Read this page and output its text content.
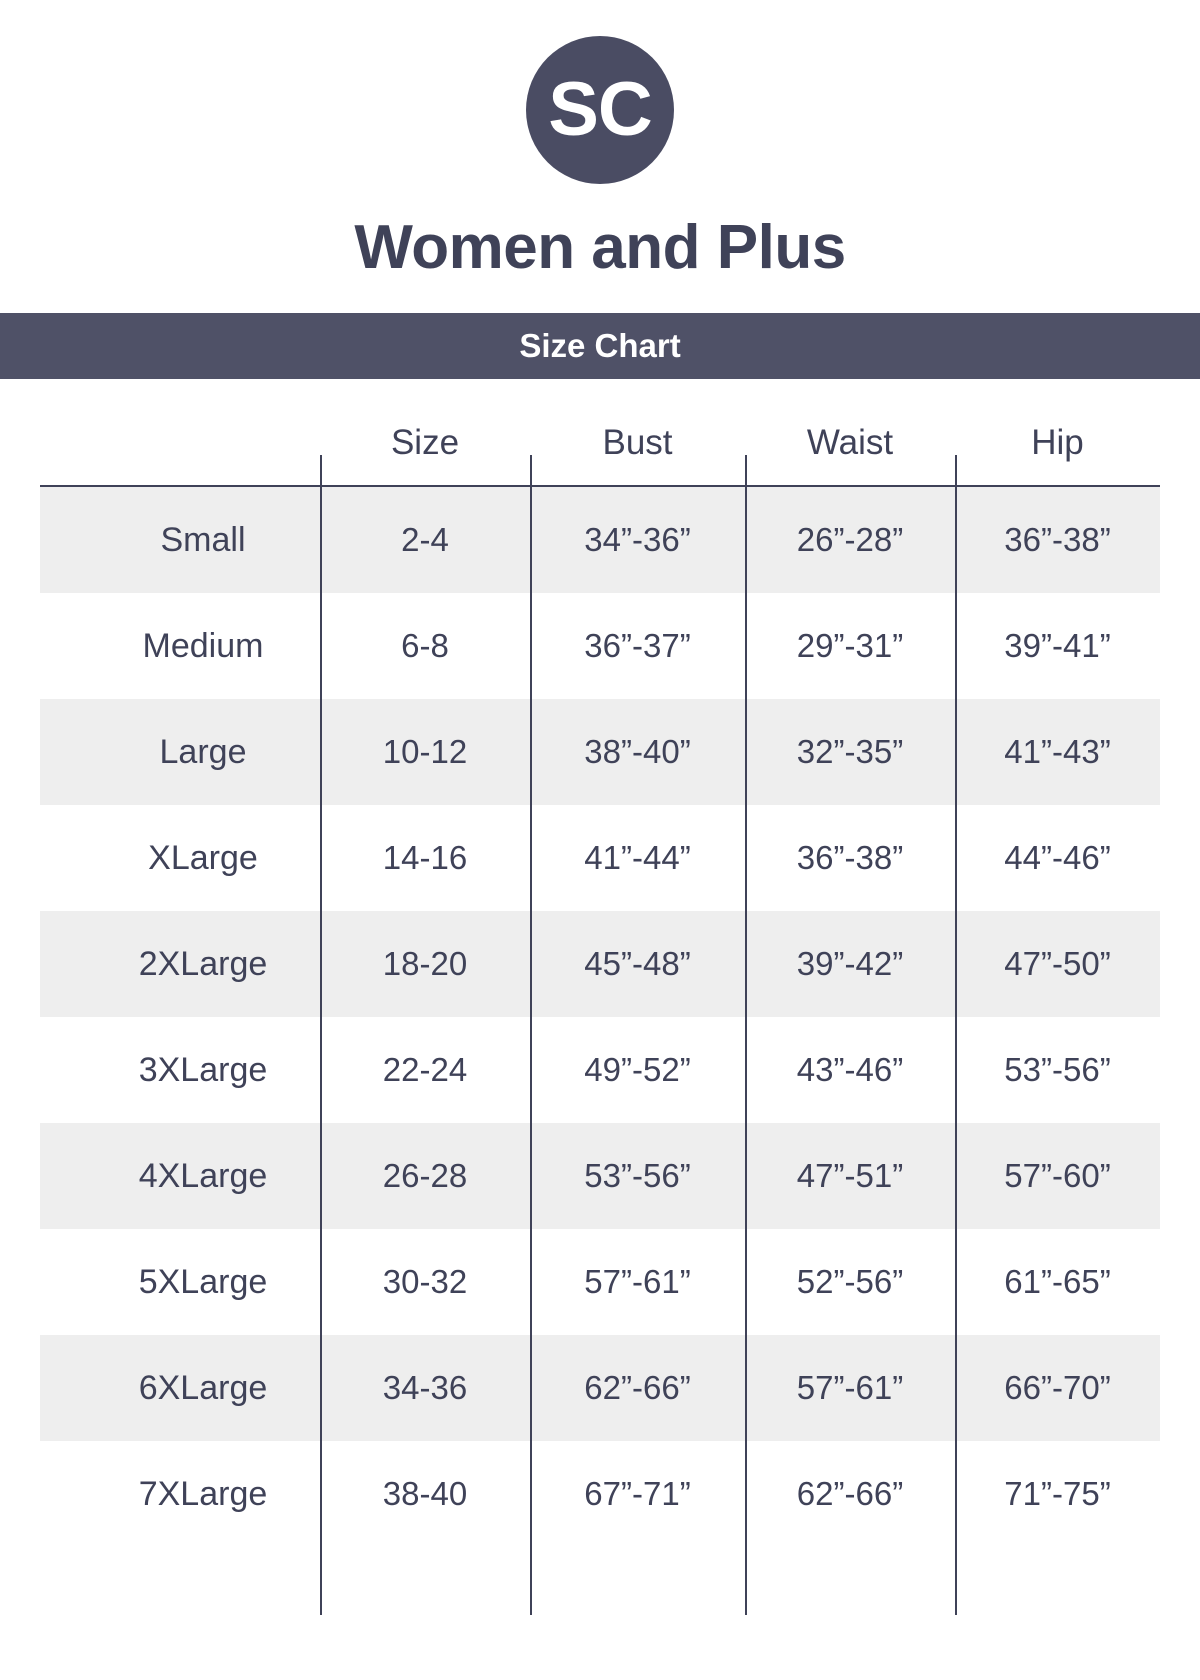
SC
Women and Plus
Size Chart
	Size	Bust	Waist	Hip
Small	2-4	34”-36”	26”-28”	36”-38”
Medium	6-8	36”-37”	29”-31”	39”-41”
Large	10-12	38”-40”	32”-35”	41”-43”
XLarge	14-16	41”-44”	36”-38”	44”-46”
2XLarge	18-20	45”-48”	39”-42”	47”-50”
3XLarge	22-24	49”-52”	43”-46”	53”-56”
4XLarge	26-28	53”-56”	47”-51”	57”-60”
5XLarge	30-32	57”-61”	52”-56”	61”-65”
6XLarge	34-36	62”-66”	57”-61”	66”-70”
7XLarge	38-40	67”-71”	62”-66”	71”-75”
